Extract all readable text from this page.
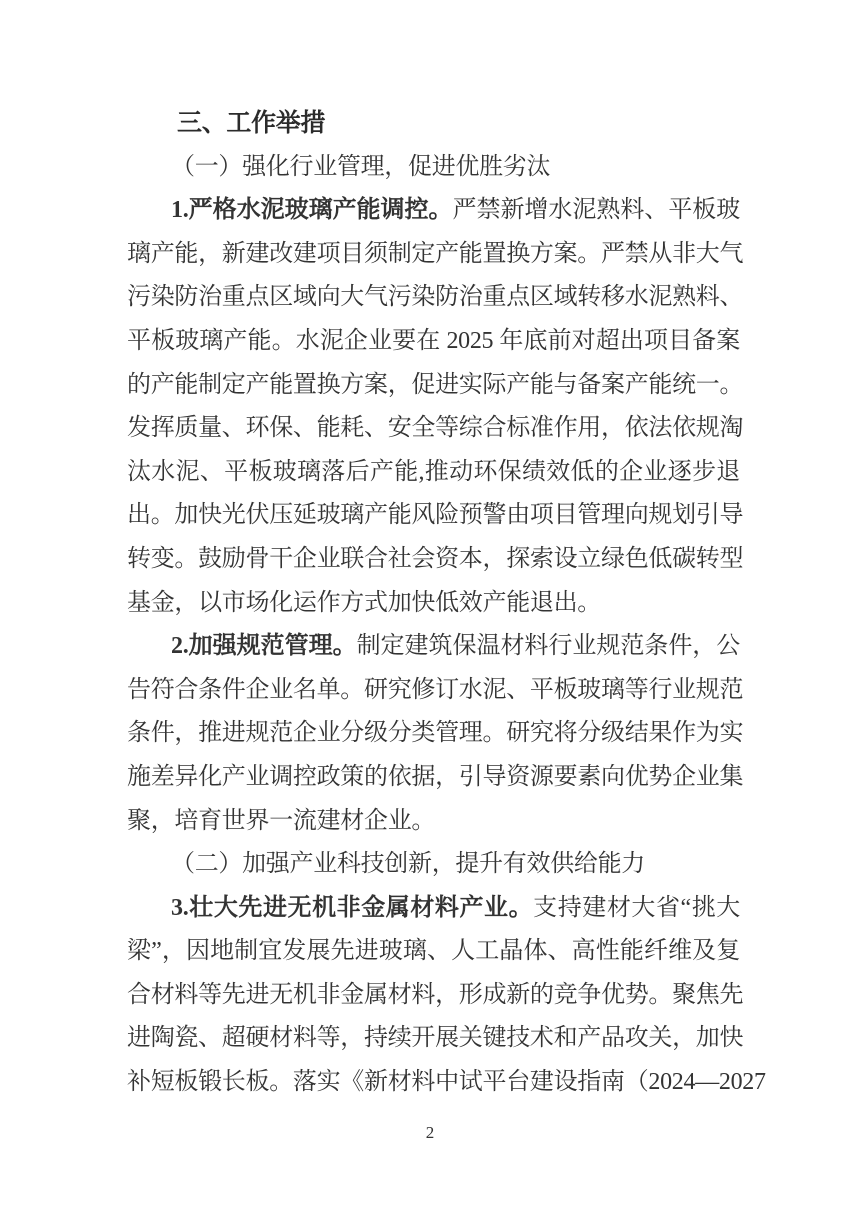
三、工作举措
（一）强化行业管理，促进优胜劣汰
1.严格水泥玻璃产能调控。严禁新增水泥熟料、平板玻
璃产能，新建改建项目须制定产能置换方案。严禁从非大气
污染防治重点区域向大气污染防治重点区域转移水泥熟料、
平板玻璃产能。水泥企业要在 2025 年底前对超出项目备案
的产能制定产能置换方案，促进实际产能与备案产能统一。
发挥质量、环保、能耗、安全等综合标准作用，依法依规淘
汰水泥、平板玻璃落后产能,推动环保绩效低的企业逐步退
出。加快光伏压延玻璃产能风险预警由项目管理向规划引导
转变。鼓励骨干企业联合社会资本，探索设立绿色低碳转型
基金，以市场化运作方式加快低效产能退出。
2.加强规范管理。制定建筑保温材料行业规范条件，公
告符合条件企业名单。研究修订水泥、平板玻璃等行业规范
条件，推进规范企业分级分类管理。研究将分级结果作为实
施差异化产业调控政策的依据，引导资源要素向优势企业集
聚，培育世界一流建材企业。
（二）加强产业科技创新，提升有效供给能力
3.壮大先进无机非金属材料产业。支持建材大省“挑大
梁”，因地制宜发展先进玻璃、人工晶体、高性能纤维及复
合材料等先进无机非金属材料，形成新的竞争优势。聚焦先
进陶瓷、超硬材料等，持续开展关键技术和产品攻关，加快
补短板锻长板。落实《新材料中试平台建设指南（2024—2027
2
